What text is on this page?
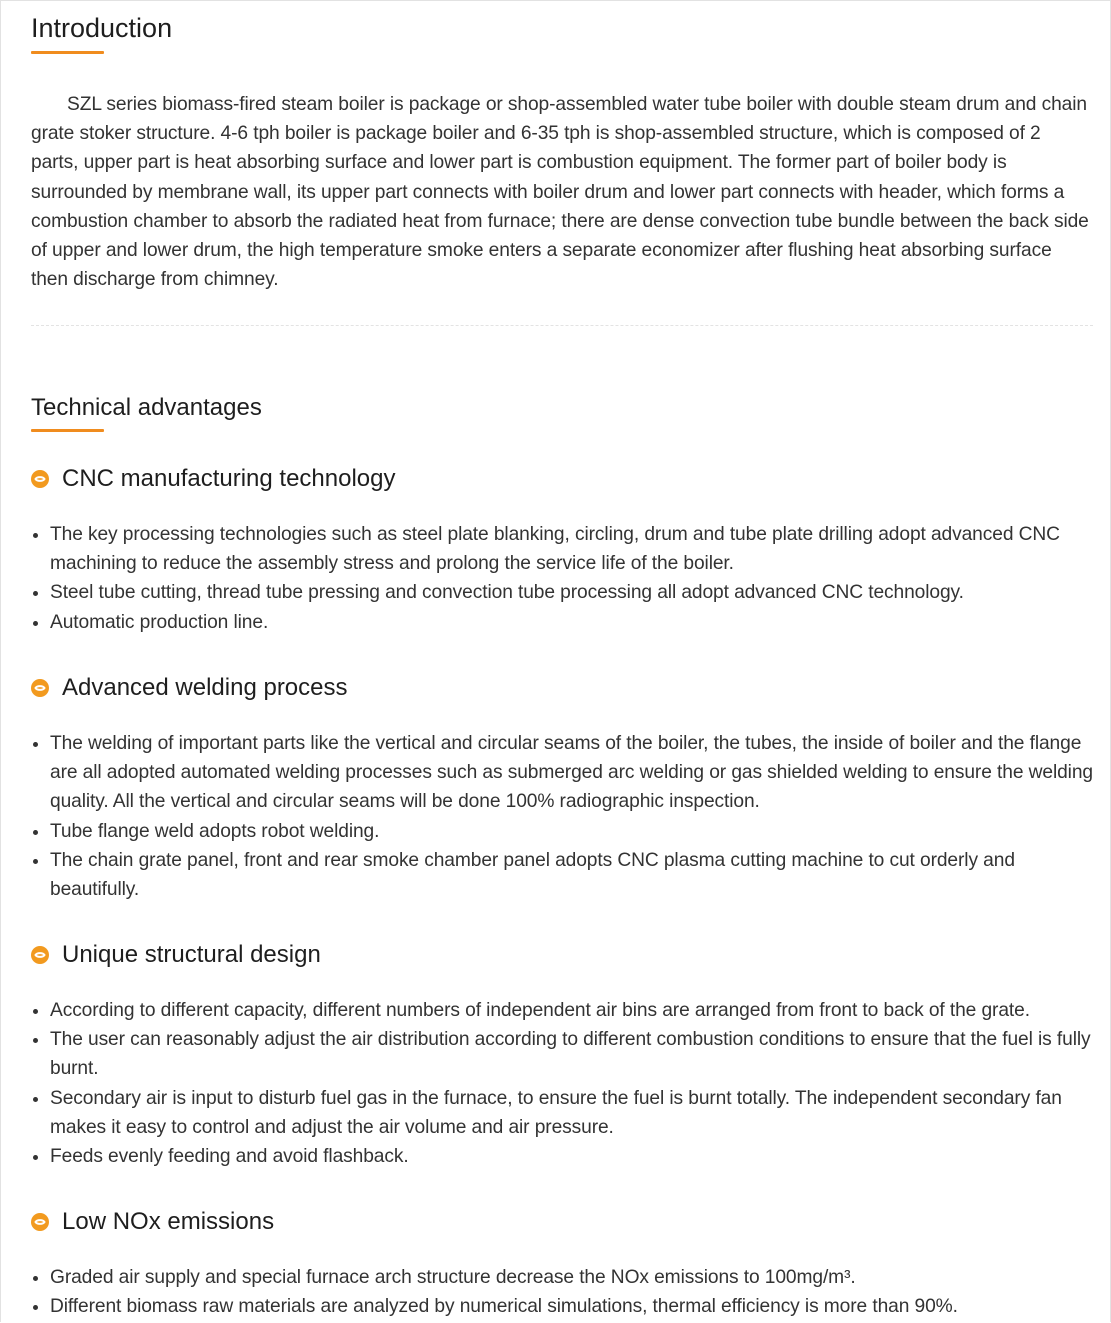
Introduction

SZL series biomass-fired steam boiler is package or shop-assembled water tube boiler with double steam drum and chain grate stoker structure. 4-6 tph boiler is package boiler and 6-35 tph is shop-assembled structure, which is composed of 2 parts, upper part is heat absorbing surface and lower part is combustion equipment. The former part of boiler body is surrounded by membrane wall, its upper part connects with boiler drum and lower part connects with header, which forms a combustion chamber to absorb the radiated heat from furnace; there are dense convection tube bundle between the back side of upper and lower drum, the high temperature smoke enters a separate economizer after flushing heat absorbing surface then discharge from chimney.

Technical advantages
CNC manufacturing technology
The key processing technologies such as steel plate blanking, circling, drum and tube plate drilling adopt advanced CNC machining to reduce the assembly stress and prolong the service life of the boiler.
Steel tube cutting, thread tube pressing and convection tube processing all adopt advanced CNC technology.
Automatic production line.
Advanced welding process
The welding of important parts like the vertical and circular seams of the boiler, the tubes, the inside of boiler and the flange are all adopted automated welding processes such as submerged arc welding or gas shielded welding to ensure the welding quality. All the vertical and circular seams will be done 100% radiographic inspection.
Tube flange weld adopts robot welding.
The chain grate panel, front and rear smoke chamber panel adopts CNC plasma cutting machine to cut orderly and beautifully.
Unique structural design
According to different capacity, different numbers of independent air bins are arranged from front to back of the grate.
The user can reasonably adjust the air distribution according to different combustion conditions to ensure that the fuel is fully burnt.
Secondary air is input to disturb fuel gas in the furnace, to ensure the fuel is burnt totally. The independent secondary fan makes it easy to control and adjust the air volume and air pressure.
Feeds evenly feeding and avoid flashback.
Low NOx emissions
Graded air supply and special furnace arch structure decrease the NOx emissions to 100mg/m³.
Different biomass raw materials are analyzed by numerical simulations, thermal efficiency is more than 90%.
